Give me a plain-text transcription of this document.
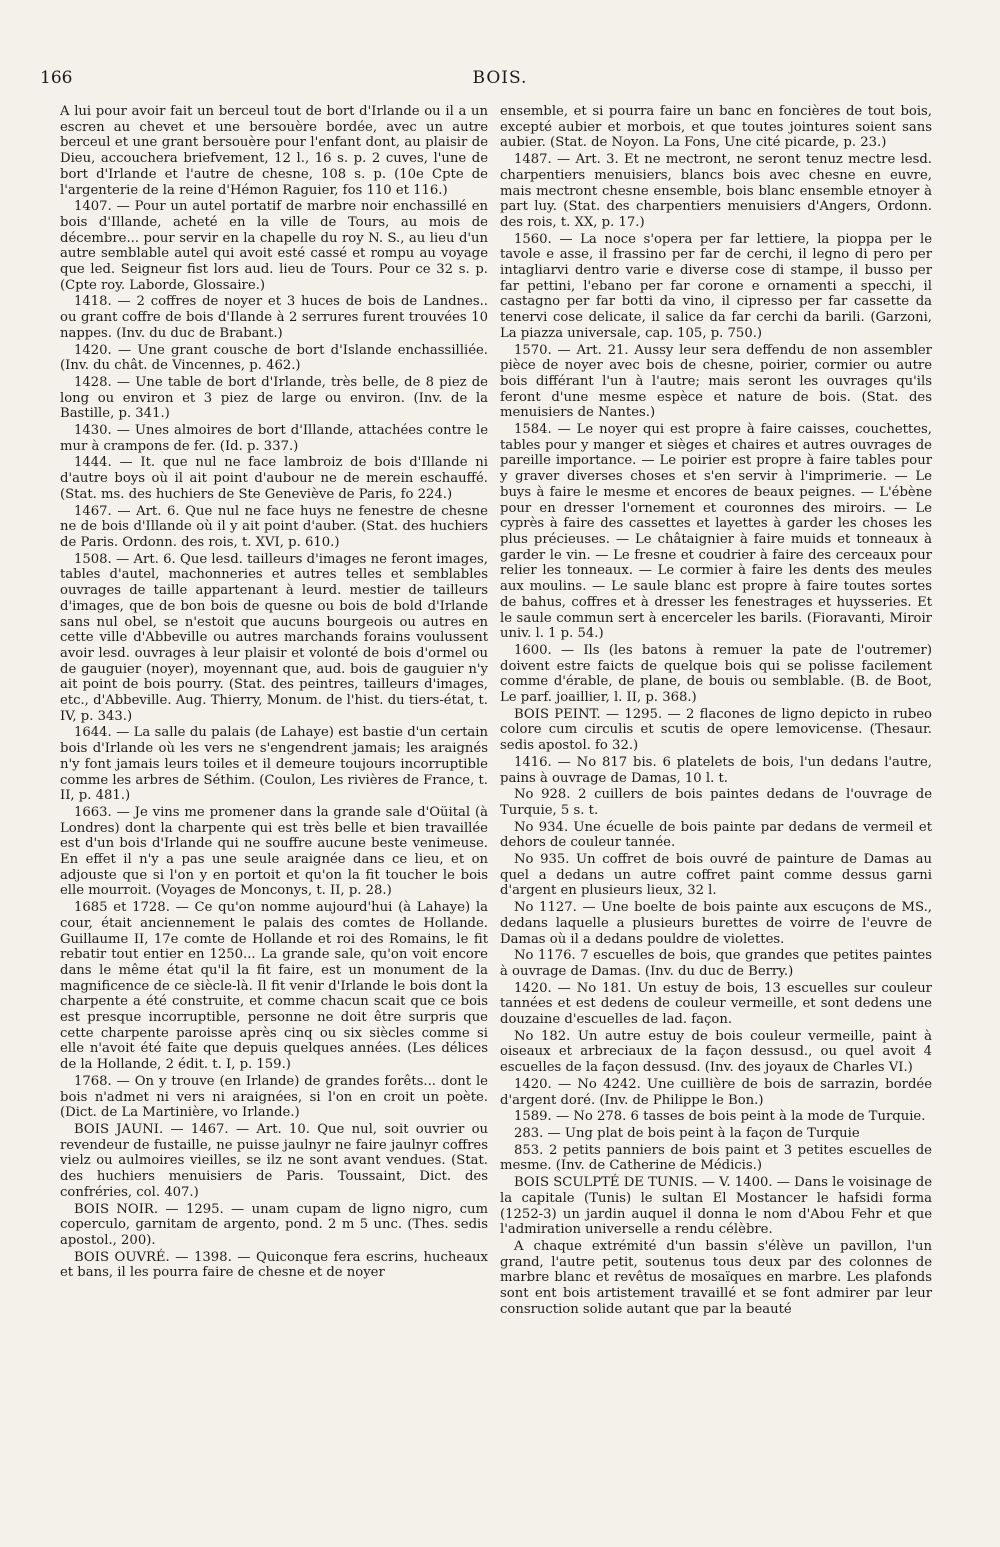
166	BOIS.

A lui pour avoir fait un berceul tout de bort d'Irlande ou il a un escren au chevet et une bersouère bordée, avec un autre berceul et une grant bersouère pour l'enfant dont, au plaisir de Dieu, accouchera briefvement, 12 l., 16 s. p. 2 cuves, l'une de bort d'Irlande et l'autre de chesne, 108 s. p. (10e Cpte de l'argenterie de la reine d'Hémon Raguier, fos 110 et 116.)

1407. — Pour un autel portatif de marbre noir enchassillé en bois d'Illande, acheté en la ville de Tours, au mois de décembre... pour servir en la chapelle du roy N. S., au lieu d'un autre semblable autel qui avoit esté cassé et rompu au voyage que led. Seigneur fist lors aud. lieu de Tours. Pour ce 32 s. p. (Cpte roy. Laborde, Glossaire.)

1418. — 2 coffres de noyer et 3 huces de bois de Landnes.. ou grant coffre de bois d'Ilande à 2 serrures furent trouvées 10 nappes. (Inv. du duc de Brabant.)

1420. — Une grant cousche de bort d'Islande enchassilliée. (Inv. du chât. de Vincennes, p. 462.)

1428. — Une table de bort d'Irlande, très belle, de 8 piez de long ou environ et 3 piez de large ou environ. (Inv. de la Bastille, p. 341.)

1430. — Unes almoires de bort d'Illande, attachées contre le mur à crampons de fer. (Id. p. 337.)

1444. — It. que nul ne face lambroiz de bois d'Illande ni d'autre boys où il ait point d'aubour ne de merein eschauffé. (Stat. ms. des huchiers de Ste Geneviève de Paris, fo 224.)

1467. — Art. 6. Que nul ne face huys ne fenestre de chesne ne de bois d'Illande où il y ait point d'auber. (Stat. des huchiers de Paris. Ordonn. des rois, t. XVI, p. 610.)

1508. — Art. 6. Que lesd. tailleurs d'images ne feront images, tables d'autel, machonneries et autres telles et semblables ouvrages de taille appartenant à leurd. mestier de tailleurs d'images, que de bon bois de quesne ou bois de bold d'Irlande sans nul obel, se n'estoit que aucuns bourgeois ou autres en cette ville d'Abbeville ou autres marchands forains voulussent avoir lesd. ouvrages à leur plaisir et volonté de bois d'ormel ou de gauguier (noyer), moyennant que, aud. bois de gauguier n'y ait point de bois pourry. (Stat. des peintres, tailleurs d'images, etc., d'Abbeville. Aug. Thierry, Monum. de l'hist. du tiers-état, t. IV, p. 343.)

1644. — La salle du palais (de Lahaye) est bastie d'un certain bois d'Irlande où les vers ne s'engendrent jamais; les araignés n'y font jamais leurs toiles et il demeure toujours incorruptible comme les arbres de Séthim. (Coulon, Les rivières de France, t. II, p. 481.)

1663. — Je vins me promener dans la grande sale d'Oüital (à Londres) dont la charpente qui est très belle et bien travaillée est d'un bois d'Irlande qui ne souffre aucune beste venimeuse. En effet il n'y a pas une seule araignée dans ce lieu, et on adjouste que si l'on y en portoit et qu'on la fit toucher le bois elle mourroit. (Voyages de Monconys, t. II, p. 28.)

1685 et 1728. — Ce qu'on nomme aujourd'hui (à Lahaye) la cour, était anciennement le palais des comtes de Hollande. Guillaume II, 17e comte de Hollande et roi des Romains, le fit rebatir tout entier en 1250... La grande sale, qu'on voit encore dans le même état qu'il la fit faire, est un monument de la magnificence de ce siècle-là. Il fit venir d'Irlande le bois dont la charpente a été construite, et comme chacun scait que ce bois est presque incorruptible, personne ne doit être surpris que cette charpente paroisse après cinq ou six siècles comme si elle n'avoit été faite que depuis quelques années. (Les délices de la Hollande, 2 édit. t. I, p. 159.)

1768. — On y trouve (en Irlande) de grandes forêts... dont le bois n'admet ni vers ni araignées, si l'on en croit un poète. (Dict. de La Martinière, vo Irlande.)

BOIS JAUNI. — 1467. — Art. 10. Que nul, soit ouvrier ou revendeur de fustaille, ne puisse jaulnyr ne faire jaulnyr coffres vielz ou aulmoires vieilles, se ilz ne sont avant vendues. (Stat. des huchiers menuisiers de Paris. Toussaint, Dict. des confréries, col. 407.)

BOIS NOIR. — 1295. — unam cupam de ligno nigro, cum coperculo, garnitam de argento, pond. 2 m 5 unc. (Thes. sedis apostol., 200).

BOIS OUVRÉ. — 1398. — Quiconque fera escrins, hucheaux et bans, il les pourra faire de chesne et de noyer

ensemble, et si pourra faire un banc en foncières de tout bois, excepté aubier et morbois, et que toutes jointures soient sans aubier. (Stat. de Noyon. La Fons, Une cité picarde, p. 23.)

1487. — Art. 3. Et ne mectront, ne seront tenuz mectre lesd. charpentiers menuisiers, blancs bois avec chesne en euvre, mais mectront chesne ensemble, bois blanc ensemble etnoyer à part luy. (Stat. des charpentiers menuisiers d'Angers, Ordonn. des rois, t. XX, p. 17.)

1560. — La noce s'opera per far lettiere, la pioppa per le tavole e asse, il frassino per far de cerchi, il legno di pero per intagliarvi dentro varie e diverse cose di stampe, il busso per far pettini, l'ebano per far corone e ornamenti a specchi, il castagno per far botti da vino, il cipresso per far cassette da tenervi cose delicate, il salice da far cerchi da barili. (Garzoni, La piazza universale, cap. 105, p. 750.)

1570. — Art. 21. Aussy leur sera deffendu de non assembler pièce de noyer avec bois de chesne, poirier, cormier ou autre bois différant l'un à l'autre; mais seront les ouvrages qu'ils feront d'une mesme espèce et nature de bois. (Stat. des menuisiers de Nantes.)

1584. — Le noyer qui est propre à faire caisses, couchettes, tables pour y manger et sièges et chaires et autres ouvrages de pareille importance. — Le poirier est propre à faire tables pour y graver diverses choses et s'en servir à l'imprimerie. — Le buys à faire le mesme et encores de beaux peignes. — L'ébène pour en dresser l'ornement et couronnes des miroirs. — Le cyprès à faire des cassettes et layettes à garder les choses les plus précieuses. — Le châtaignier à faire muids et tonneaux à garder le vin. — Le fresne et coudrier à faire des cerceaux pour relier les tonneaux. — Le cormier à faire les dents des meules aux moulins. — Le saule blanc est propre à faire toutes sortes de bahus, coffres et à dresser les fenestrages et huysseries. Et le saule commun sert à encerceler les barils. (Fioravanti, Miroir univ. l. 1 p. 54.)

1600. — Ils (les batons à remuer la pate de l'outremer) doivent estre faicts de quelque bois qui se polisse facilement comme d'érable, de plane, de bouis ou semblable. (B. de Boot, Le parf. joaillier, l. II, p. 368.)

BOIS PEINT. — 1295. — 2 flacones de ligno depicto in rubeo colore cum circulis et scutis de opere lemovicense. (Thesaur. sedis apostol. fo 32.)

1416. — No 817 bis. 6 platelets de bois, l'un dedans l'autre, pains à ouvrage de Damas, 10 l. t.

No 928. 2 cuillers de bois paintes dedans de l'ouvrage de Turquie, 5 s. t.

No 934. Une écuelle de bois painte par dedans de vermeil et dehors de couleur tannée.

No 935. Un coffret de bois ouvré de painture de Damas au quel a dedans un autre coffret paint comme dessus garni d'argent en plusieurs lieux, 32 l.

No 1127. — Une boelte de bois painte aux escuçons de MS., dedans laquelle a plusieurs burettes de voirre de l'euvre de Damas où il a dedans pouldre de violettes.

No 1176. 7 escuelles de bois, que grandes que petites paintes à ouvrage de Damas. (Inv. du duc de Berry.)

1420. — No 181. Un estuy de bois, 13 escuelles sur couleur tannées et est dedens de couleur vermeille, et sont dedens une douzaine d'escuelles de lad. façon.

No 182. Un autre estuy de bois couleur vermeille, paint à oiseaux et arbreciaux de la façon dessusd., ou quel avoit 4 escuelles de la façon dessusd. (Inv. des joyaux de Charles VI.)

1420. — No 4242. Une cuillière de bois de sarrazin, bordée d'argent doré. (Inv. de Philippe le Bon.)

1589. — No 278. 6 tasses de bois peint à la mode de Turquie.

283. — Ung plat de bois peint à la façon de Turquie

853. 2 petits panniers de bois paint et 3 petites escuelles de mesme. (Inv. de Catherine de Médicis.)

BOIS SCULPTÉ DE TUNIS. — V. 1400. — Dans le voisinage de la capitale (Tunis) le sultan El Mostancer le hafsidi forma (1252-3) un jardin auquel il donna le nom d'Abou Fehr et que l'admiration universelle a rendu célèbre.

A chaque extrémité d'un bassin s'élève un pavillon, l'un grand, l'autre petit, soutenus tous deux par des colonnes de marbre blanc et revêtus de mosaïques en marbre. Les plafonds sont ent bois artistement travaillé et se font admirer par leur consruction solide autant que par la beauté
